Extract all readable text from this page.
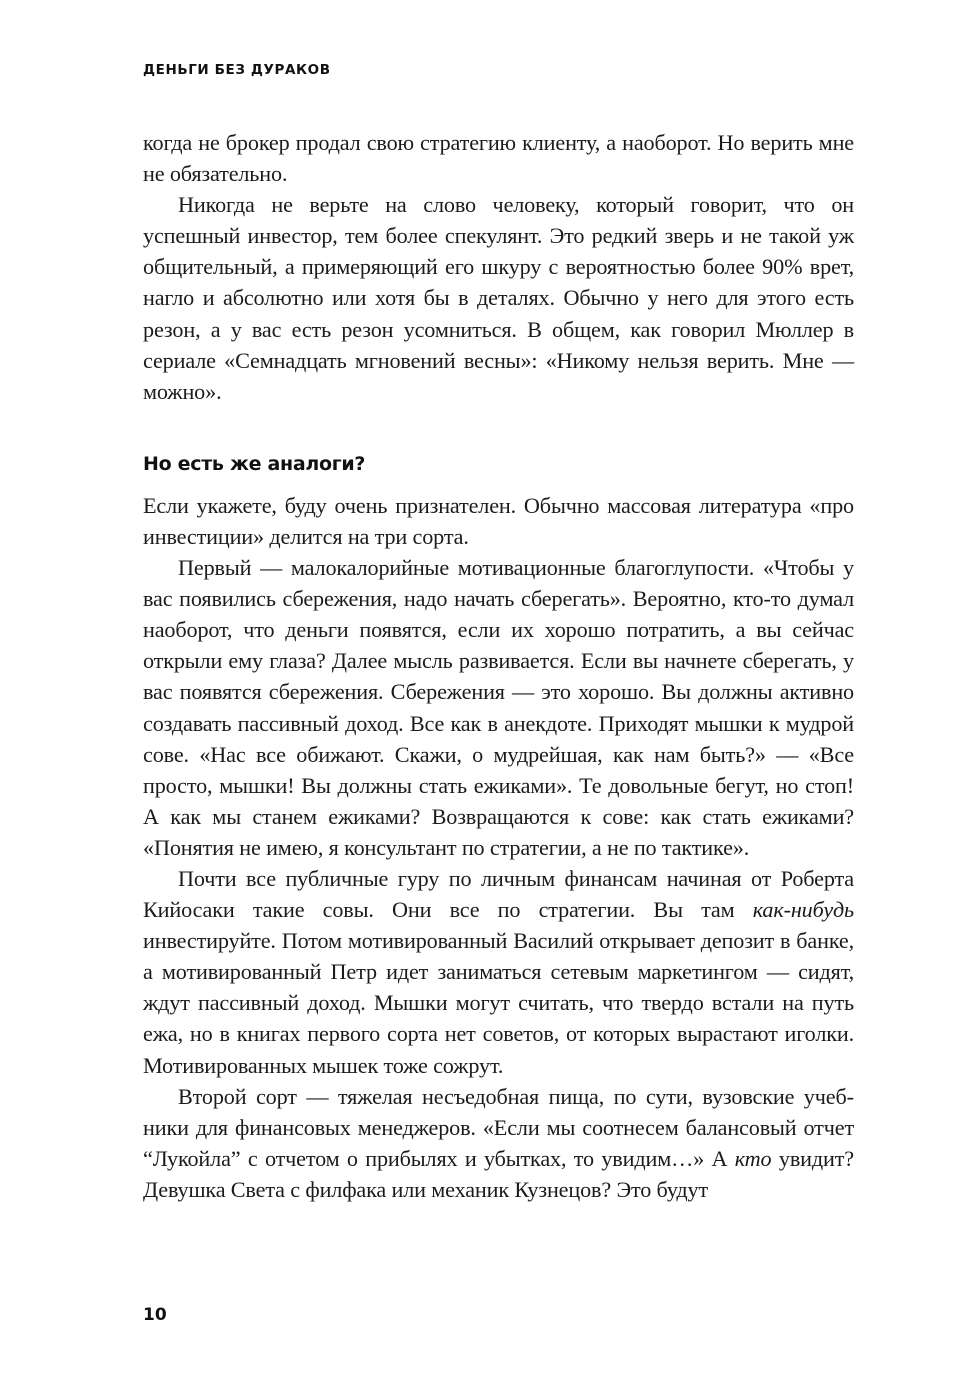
ДЕНЬГИ БЕЗ ДУРАКОВ

когда не брокер продал свою стратегию клиенту, а наоборот. Но верить мне не обязательно.

Никогда не верьте на слово человеку, который говорит, что он успешный инвестор, тем более спекулянт. Это редкий зверь и не такой уж общительный, а примеряющий его шкуру с вероятностью более 90% врет, нагло и абсолютно или хотя бы в деталях. Обычно у него для этого есть резон, а у вас есть резон усомниться. В общем, как говорил Мюллер в сериале «Семнадцать мгновений весны»: «Никому нельзя верить. Мне — можно».

Но есть же аналоги?

Если укажете, буду очень признателен. Обычно массовая литература «про инвестиции» делится на три сорта.

Первый — малокалорийные мотивационные благоглупости. «Чтобы у вас появились сбережения, надо начать сберегать». Вероятно, кто-то думал наоборот, что деньги появятся, если их хорошо потратить, а вы сейчас открыли ему глаза? Далее мысль развивается. Если вы начнете сберегать, у вас появятся сбережения. Сбережения — это хорошо. Вы должны активно создавать пассивный доход. Все как в анекдоте. Приходят мышки к мудрой сове. «Нас все обижают. Скажи, о мудрейшая, как нам быть?» — «Все просто, мышки! Вы должны стать ежиками». Те довольные бегут, но стоп! А как мы станем ежиками? Возвращаются к сове: как стать ежиками? «Понятия не имею, я консультант по стратегии, а не по тактике».

Почти все публичные гуру по личным финансам начиная от Роберта Кийосаки такие совы. Они все по стратегии. Вы там как-нибудь инвестируйте. Потом мотивированный Василий открывает депозит в банке, а мотивированный Петр идет заниматься сетевым маркетингом — сидят, ждут пассивный доход. Мышки могут считать, что твердо встали на путь ежа, но в книгах первого сорта нет советов, от которых вырастают иголки. Мотивированных мышек тоже сожрут.

Второй сорт — тяжелая несъедобная пища, по сути, вузовские учебники для финансовых менеджеров. «Если мы соотнесем балансовый отчет “Лукойла” с отчетом о прибылях и убытках, то увидим…» А кто увидит? Девушка Света с филфака или механик Кузнецов? Это будут

10
